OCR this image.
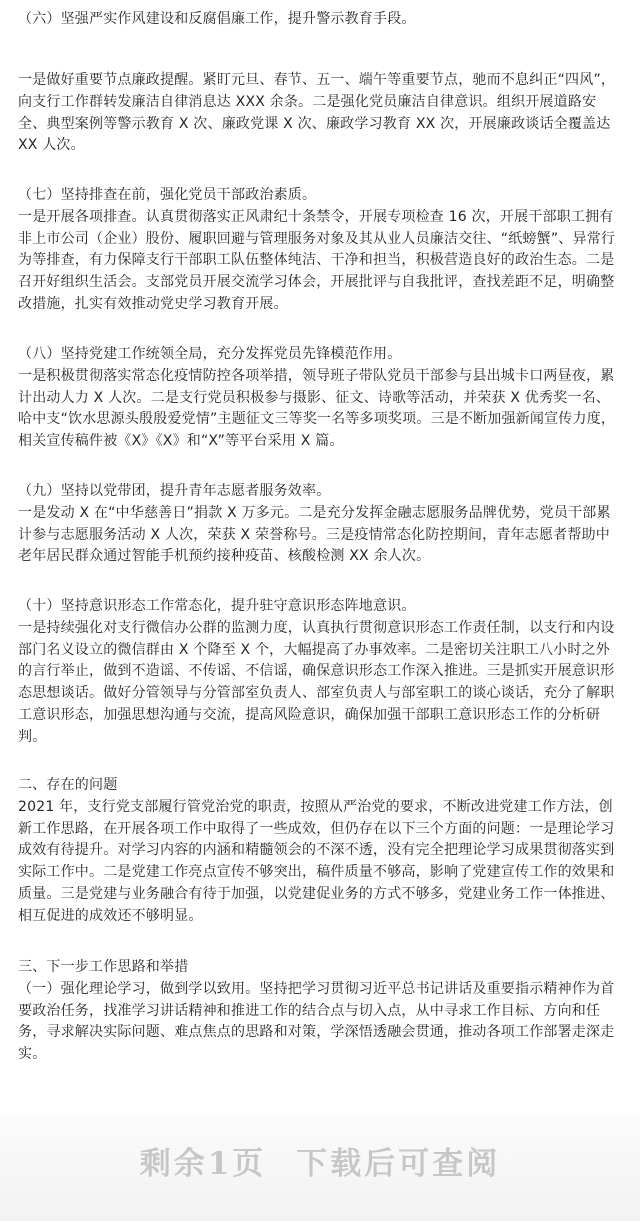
（六）坚强严实作风建设和反腐倡廉工作，提升警示教育手段。

一是做好重要节点廉政提醒。紧盯元旦、春节、五一、端午等重要节点，驰而不息纠正“四风”，向支行工作群转发廉洁自律消息达 XXX 余条。二是强化党员廉洁自律意识。组织开展道路安全、典型案例等警示教育 X 次、廉政党课 X 次、廉政学习教育 XX 次，开展廉政谈话全覆盖达 XX 人次。

（七）坚持排查在前，强化党员干部政治素质。

一是开展各项排查。认真贯彻落实正风肃纪十条禁令，开展专项检查 16 次，开展干部职工拥有非上市公司（企业）股份、履职回避与管理服务对象及其从业人员廉洁交往、“纸螃蟹”、异常行为等排查，有力保障支行干部职工队伍整体纯洁、干净和担当，积极营造良好的政治生态。二是召开好组织生活会。支部党员开展交流学习体会，开展批评与自我批评，查找差距不足，明确整改措施，扎实有效推动党史学习教育开展。

（八）坚持党建工作统领全局，充分发挥党员先锋模范作用。

一是积极贯彻落实常态化疫情防控各项举措，领导班子带队党员干部参与县出城卡口两昼夜，累计出动人力 X 人次。二是支行党员积极参与摄影、征文、诗歌等活动，并荣获 X 优秀奖一名、哈中支“饮水思源头殷殷爱党情”主题征文三等奖一名等多项奖项。三是不断加强新闻宣传力度，相关宣传稿件被《X》《X》和“X”等平台采用 X 篇。

（九）坚持以党带团，提升青年志愿者服务效率。

一是发动 X 在“中华慈善日”捐款 X 万多元。二是充分发挥金融志愿服务品牌优势，党员干部累计参与志愿服务活动 X 人次，荣获 X 荣誉称号。三是疫情常态化防控期间，青年志愿者帮助中老年居民群众通过智能手机预约接种疫苗、核酸检测 XX 余人次。

（十）坚持意识形态工作常态化，提升驻守意识形态阵地意识。

一是持续强化对支行微信办公群的监测力度，认真执行贯彻意识形态工作责任制，以支行和内设部门名义设立的微信群由 X 个降至 X 个，大幅提高了办事效率。二是密切关注职工八小时之外的言行举止，做到不造谣、不传谣、不信谣，确保意识形态工作深入推进。三是抓实开展意识形态思想谈话。做好分管领导与分管部室负责人、部室负责人与部室职工的谈心谈话，充分了解职工意识形态，加强思想沟通与交流，提高风险意识，确保加强干部职工意识形态工作的分析研判。

二、存在的问题

2021 年，支行党支部履行管党治党的职责，按照从严治党的要求，不断改进党建工作方法，创新工作思路，在开展各项工作中取得了一些成效，但仍存在以下三个方面的问题：一是理论学习成效有待提升。对学习内容的内涵和精髓领会的不深不透，没有完全把理论学习成果贯彻落实到实际工作中。二是党建工作亮点宣传不够突出，稿件质量不够高，影响了党建宣传工作的效果和质量。三是党建与业务融合有待于加强，以党建促业务的方式不够多，党建业务工作一体推进、相互促进的成效还不够明显。

三、下一步工作思路和举措

（一）强化理论学习，做到学以致用。坚持把学习贯彻习近平总书记讲话及重要指示精神作为首要政治任务，找准学习讲话精神和推进工作的结合点与切入点，从中寻求工作目标、方向和任务，寻求解决实际问题、难点焦点的思路和对策，学深悟透融会贯通，推动各项工作部署走深走实。

剩余1页 下载后可查阅
